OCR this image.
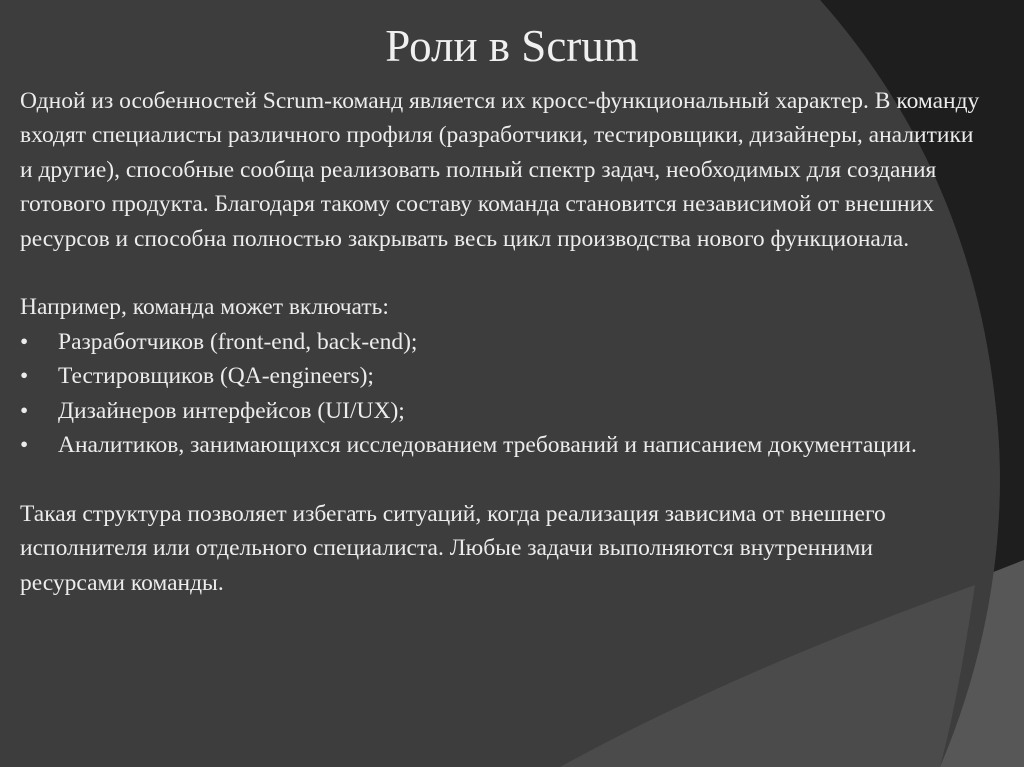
Роли в Scrum

Одной из особенностей Scrum-команд является их кросс-функциональный характер. В команду входят специалисты различного профиля (разработчики, тестировщики, дизайнеры, аналитики и другие), способные сообща реализовать полный спектр задач, необходимых для создания готового продукта. Благодаря такому составу команда становится независимой от внешних ресурсов и способна полностью закрывать весь цикл производства нового функционала.

Например, команда может включать:

• Разработчиков (front-end, back-end);
• Тестировщиков (QA-engineers);
• Дизайнеров интерфейсов (UI/UX);
• Аналитиков, занимающихся исследованием требований и написанием документации.

Такая структура позволяет избегать ситуаций, когда реализация зависима от внешнего исполнителя или отдельного специалиста. Любые задачи выполняются внутренними ресурсами команды.
